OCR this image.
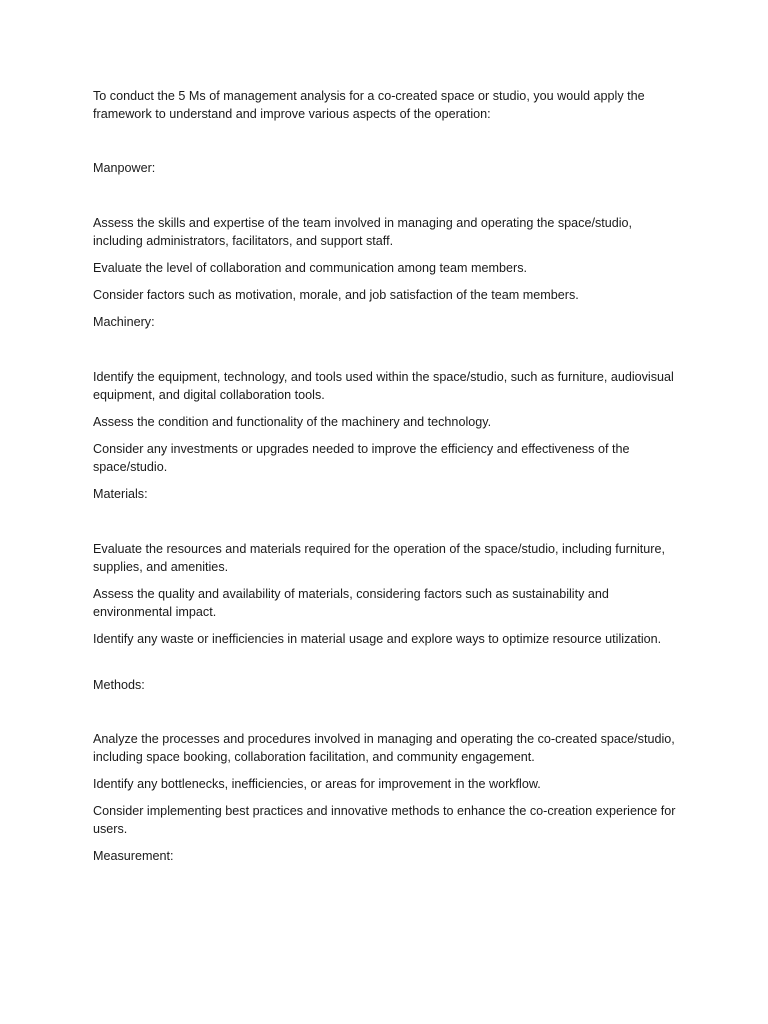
To conduct the 5 Ms of management analysis for a co-created space or studio, you would apply the framework to understand and improve various aspects of the operation:

Manpower:

Assess the skills and expertise of the team involved in managing and operating the space/studio, including administrators, facilitators, and support staff.

Evaluate the level of collaboration and communication among team members.

Consider factors such as motivation, morale, and job satisfaction of the team members.

Machinery:

Identify the equipment, technology, and tools used within the space/studio, such as furniture, audiovisual equipment, and digital collaboration tools.

Assess the condition and functionality of the machinery and technology.

Consider any investments or upgrades needed to improve the efficiency and effectiveness of the space/studio.

Materials:

Evaluate the resources and materials required for the operation of the space/studio, including furniture, supplies, and amenities.

Assess the quality and availability of materials, considering factors such as sustainability and environmental impact.

Identify any waste or inefficiencies in material usage and explore ways to optimize resource utilization.

Methods:

Analyze the processes and procedures involved in managing and operating the co-created space/studio, including space booking, collaboration facilitation, and community engagement.

Identify any bottlenecks, inefficiencies, or areas for improvement in the workflow.

Consider implementing best practices and innovative methods to enhance the co-creation experience for users.

Measurement:
